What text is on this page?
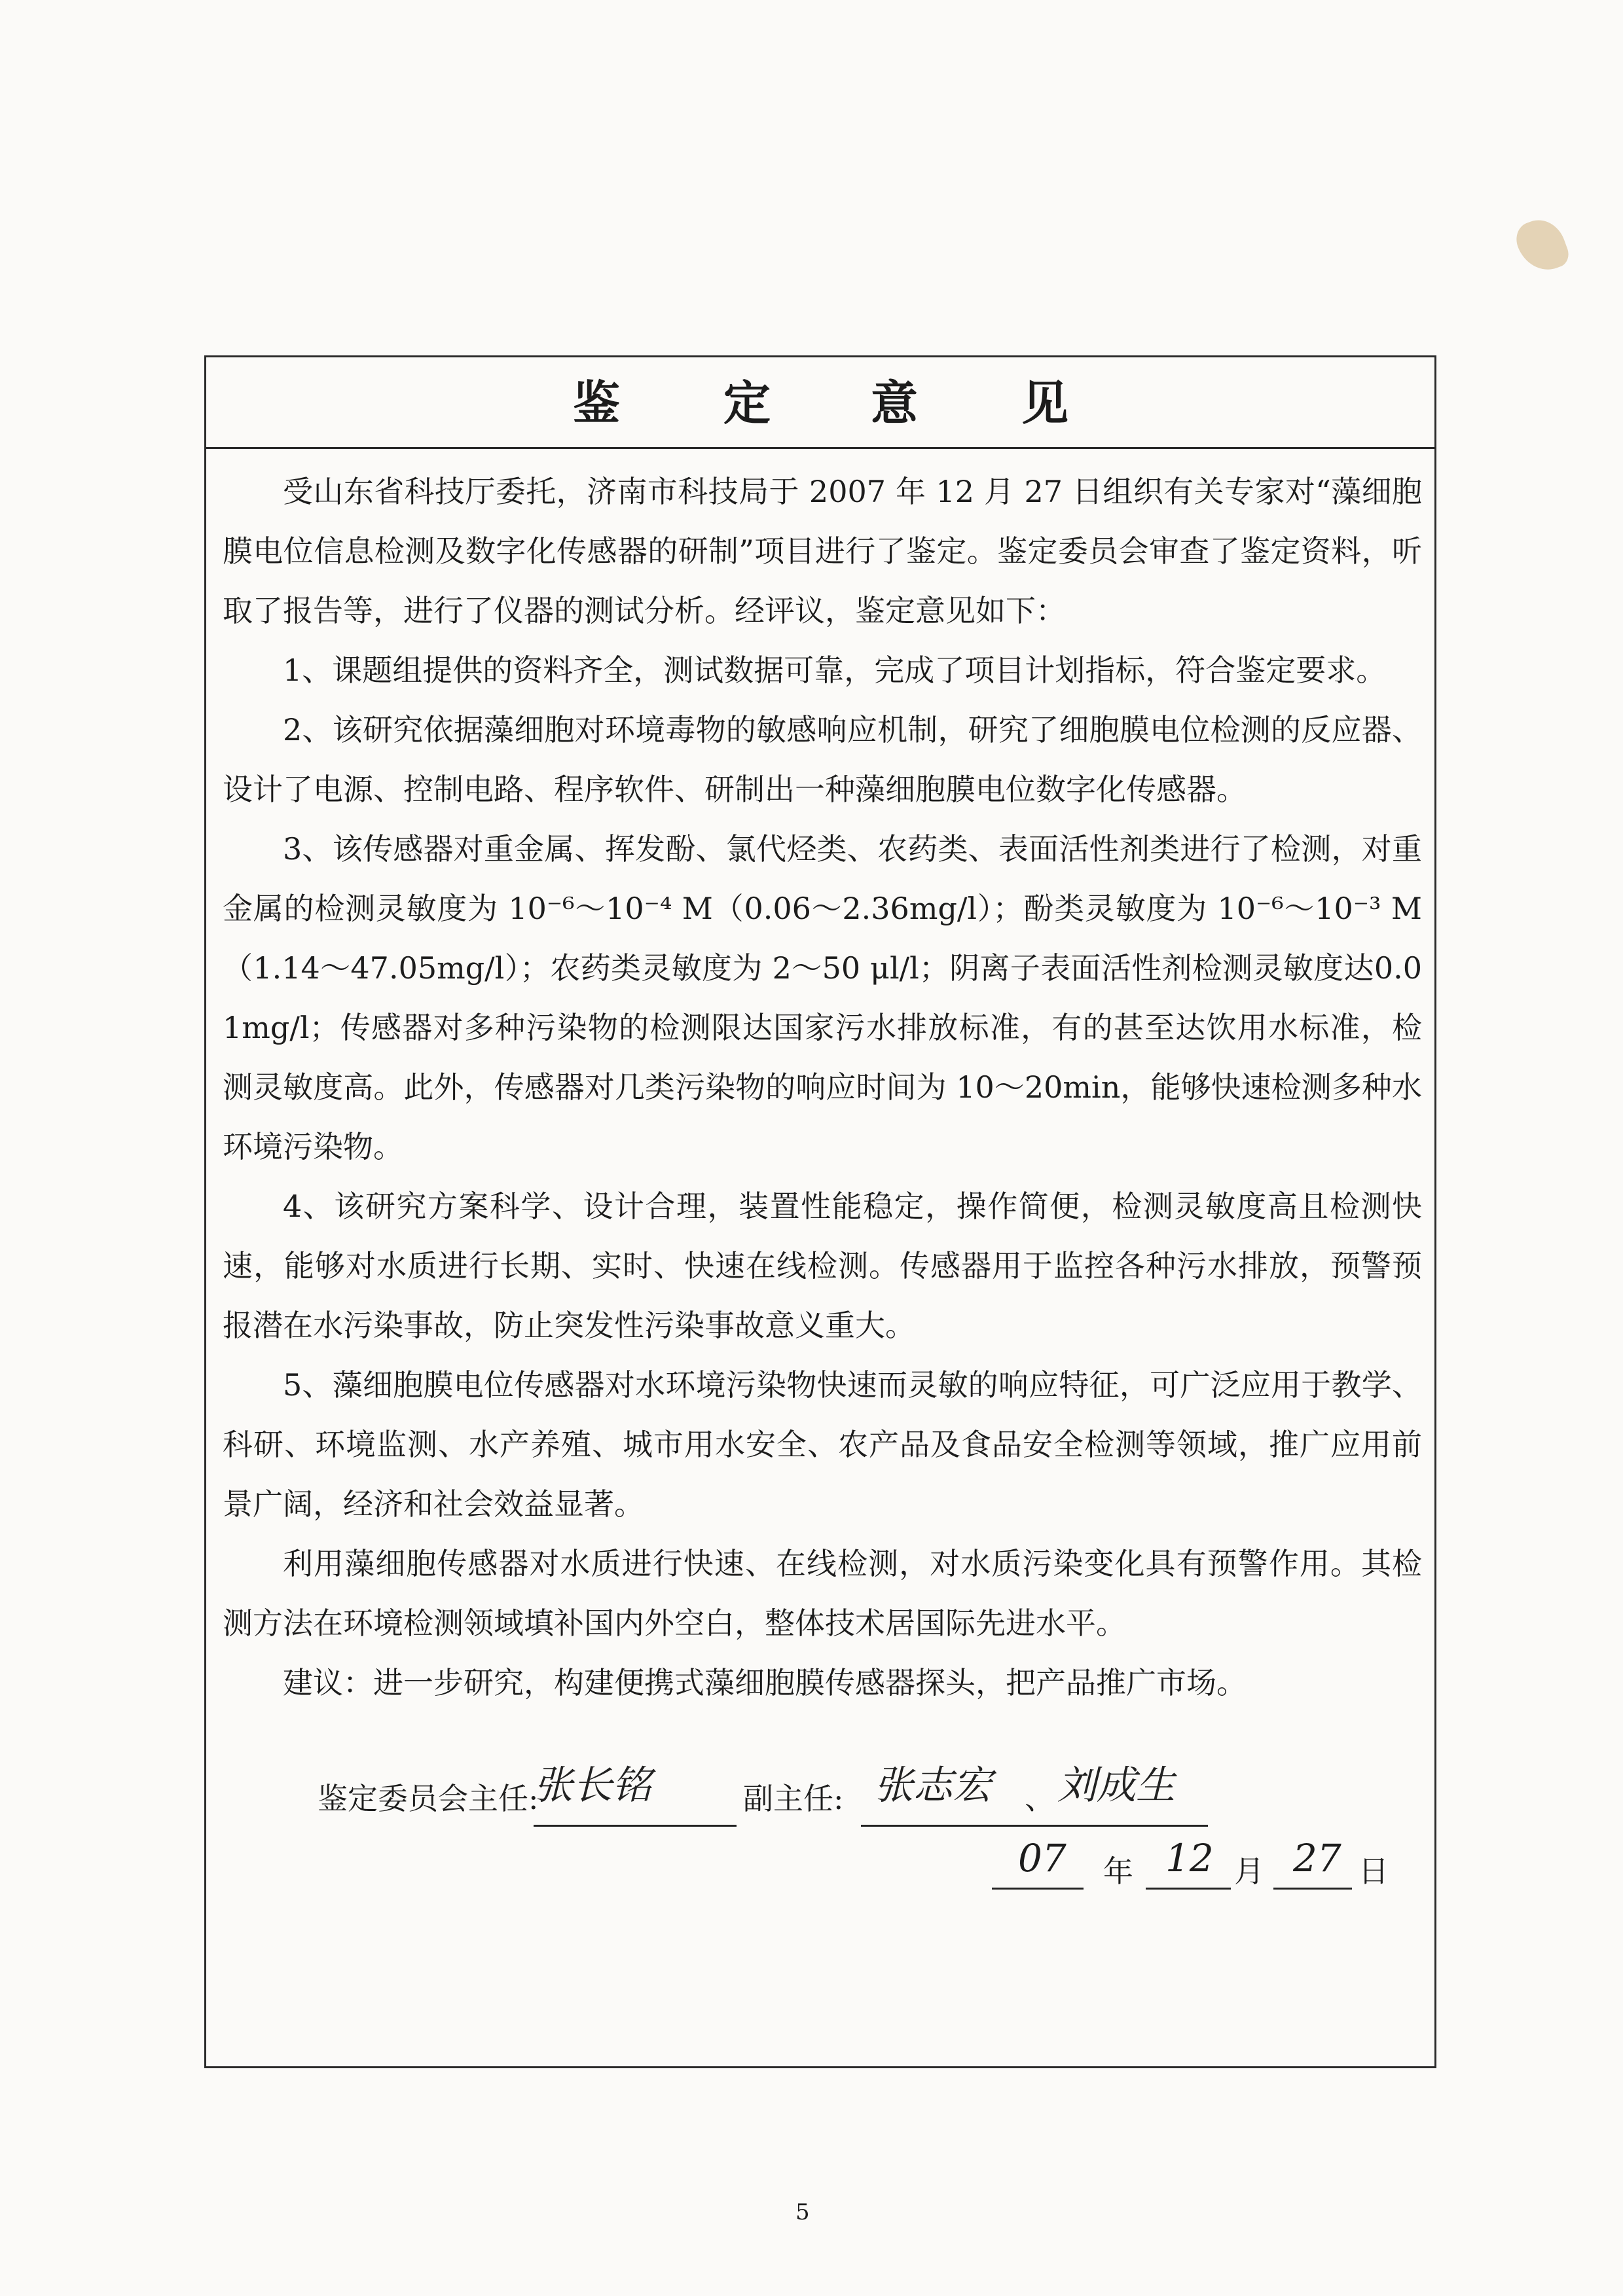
鉴 定 意 见

受山东省科技厅委托，济南市科技局于 2007 年 12 月 27 日组织有关专家对“藻细胞膜电位信息检测及数字化传感器的研制”项目进行了鉴定。鉴定委员会审查了鉴定资料，听取了报告等，进行了仪器的测试分析。经评议，鉴定意见如下：

1、课题组提供的资料齐全，测试数据可靠，完成了项目计划指标，符合鉴定要求。

2、该研究依据藻细胞对环境毒物的敏感响应机制，研究了细胞膜电位检测的反应器、设计了电源、控制电路、程序软件、研制出一种藻细胞膜电位数字化传感器。

3、该传感器对重金属、挥发酚、氯代烃类、农药类、表面活性剂类进行了检测，对重金属的检测灵敏度为 10⁻⁶～10⁻⁴ M（0.06～2.36mg/l）；酚类灵敏度为 10⁻⁶～10⁻³ M（1.14～47.05mg/l）；农药类灵敏度为 2～50 μl/l；阴离子表面活性剂检测灵敏度达0.01mg/l；传感器对多种污染物的检测限达国家污水排放标准，有的甚至达饮用水标准，检测灵敏度高。此外，传感器对几类污染物的响应时间为 10～20min，能够快速检测多种水环境污染物。

4、该研究方案科学、设计合理，装置性能稳定，操作简便，检测灵敏度高且检测快速，能够对水质进行长期、实时、快速在线检测。传感器用于监控各种污水排放，预警预报潜在水污染事故，防止突发性污染事故意义重大。

5、藻细胞膜电位传感器对水环境污染物快速而灵敏的响应特征，可广泛应用于教学、科研、环境监测、水产养殖、城市用水安全、农产品及食品安全检测等领域，推广应用前景广阔，经济和社会效益显著。

利用藻细胞传感器对水质进行快速、在线检测，对水质污染变化具有预警作用。其检测方法在环境检测领域填补国内外空白，整体技术居国际先进水平。

建议：进一步研究，构建便携式藻细胞膜传感器探头，把产品推广市场。

鉴定委员会主任:
张长铭	副主任: 张志宏 、 刘成生
07 年 12 月 27 日
5
